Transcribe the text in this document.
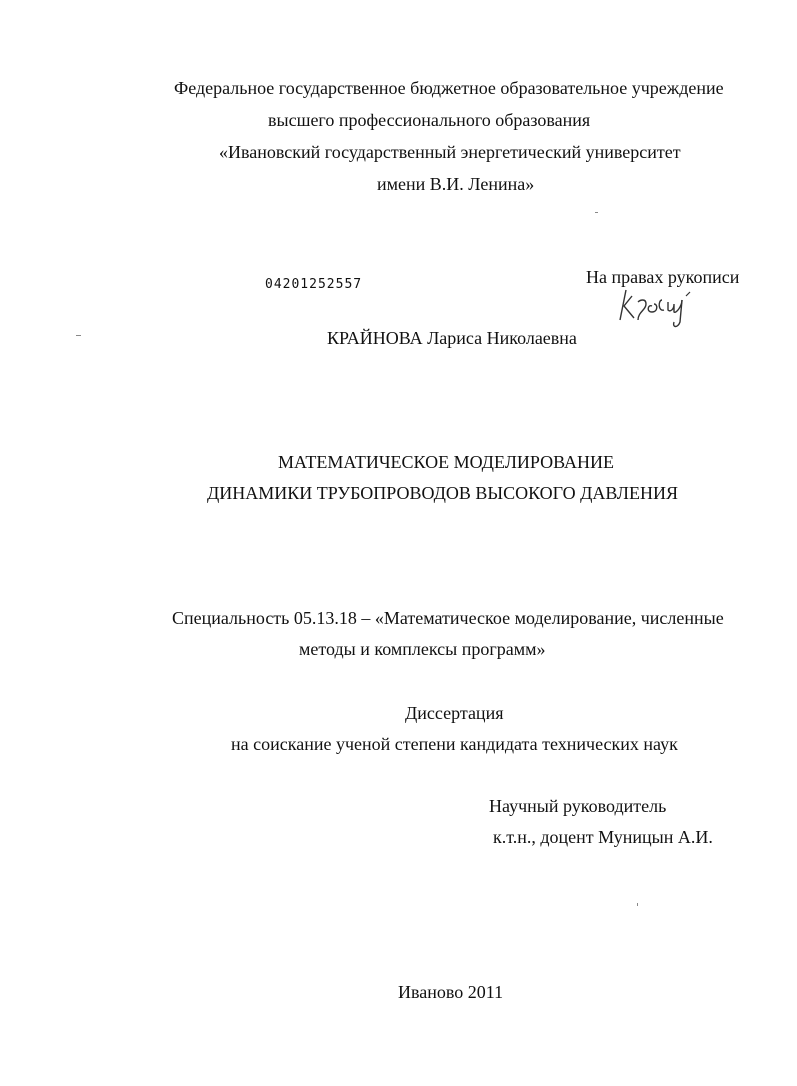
Федеральное государственное бюджетное образовательное учреждение
высшего профессионального образования
«Ивановский государственный энергетический университет
имени В.И. Ленина»
04201252557	На правах рукописи
КРАЙНОВА Лариса Николаевна
МАТЕМАТИЧЕСКОЕ МОДЕЛИРОВАНИЕ
ДИНАМИКИ ТРУБОПРОВОДОВ ВЫСОКОГО ДАВЛЕНИЯ
Специальность 05.13.18 – «Математическое моделирование, численные
методы и комплексы программ»
Диссертация
на соискание ученой степени кандидата технических наук
Научный руководитель
к.т.н., доцент Муницын А.И.
Иваново 2011
